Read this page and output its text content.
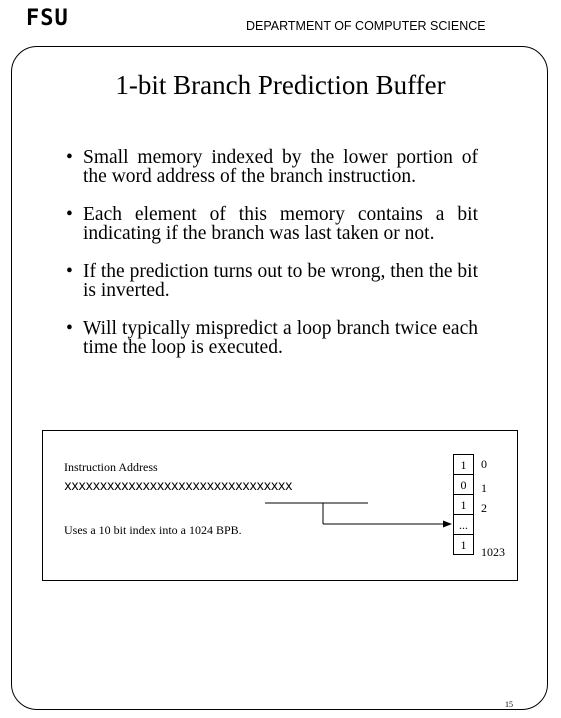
FSU	DEPARTMENT OF COMPUTER SCIENCE
1-bit Branch Prediction Buffer
• Small memory indexed by the lower portion of the word address of the branch instruction.
• Each element of this memory contains a bit indicating if the branch was last taken or not.
• If the prediction turns out to be wrong, then the bit is inverted.
• Will typically mispredict a loop branch twice each time the loop is executed.
Instruction Address
xxxxxxxxxxxxxxxxxxxxxxxxxxxxxxxx
Uses a 10 bit index into a 1024 BPB.
1
0
1
...
1
0
1
2
1023
15
